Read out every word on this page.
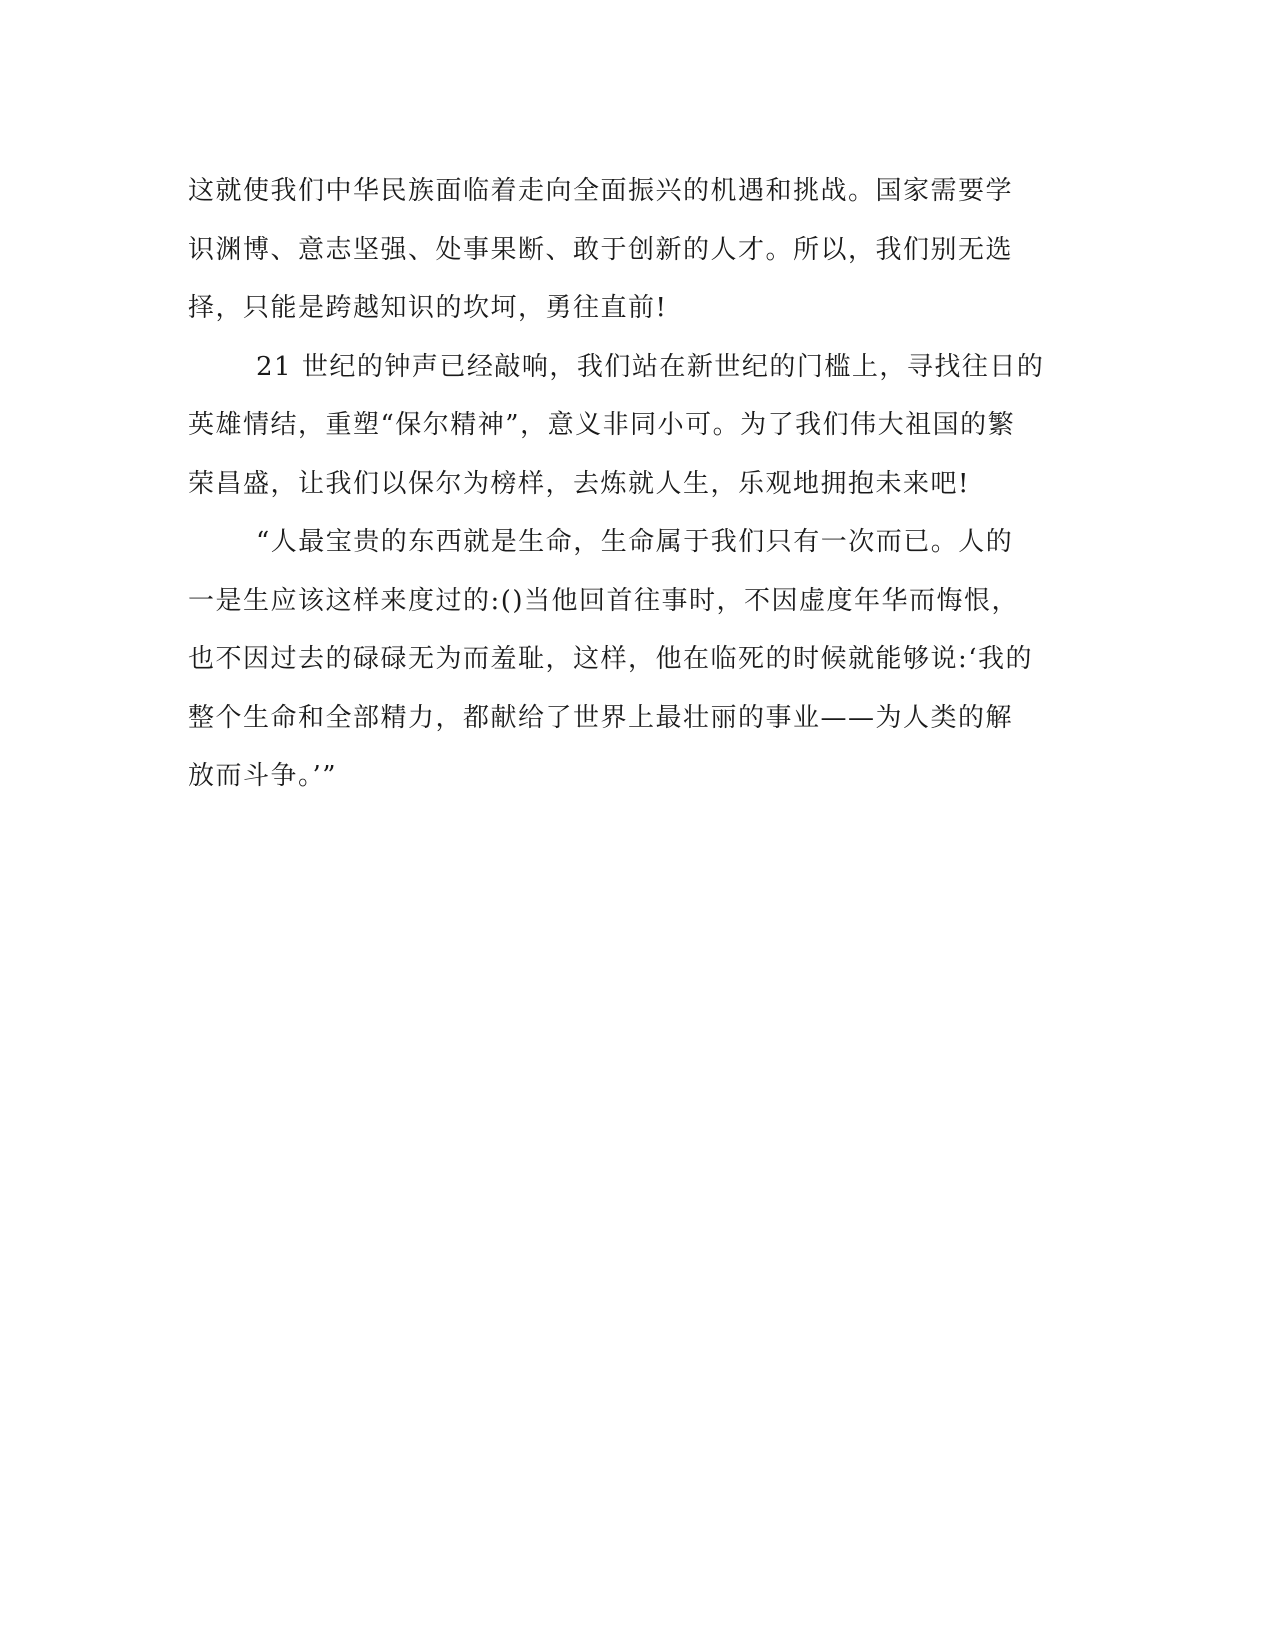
这就使我们中华民族面临着走向全面振兴的机遇和挑战。国家需要学
识渊博、意志坚强、处事果断、敢于创新的人才。所以，我们别无选
择，只能是跨越知识的坎坷，勇往直前!
21 世纪的钟声已经敲响，我们站在新世纪的门槛上，寻找往日的
英雄情结，重塑“保尔精神”，意义非同小可。为了我们伟大祖国的繁
荣昌盛，让我们以保尔为榜样，去炼就人生，乐观地拥抱未来吧!
“人最宝贵的东西就是生命，生命属于我们只有一次而已。人的
一是生应该这样来度过的:()当他回首往事时，不因虚度年华而悔恨，
也不因过去的碌碌无为而羞耻，这样，他在临死的时候就能够说:‘我的
整个生命和全部精力，都献给了世界上最壮丽的事业——为人类的解
放而斗争。’”
